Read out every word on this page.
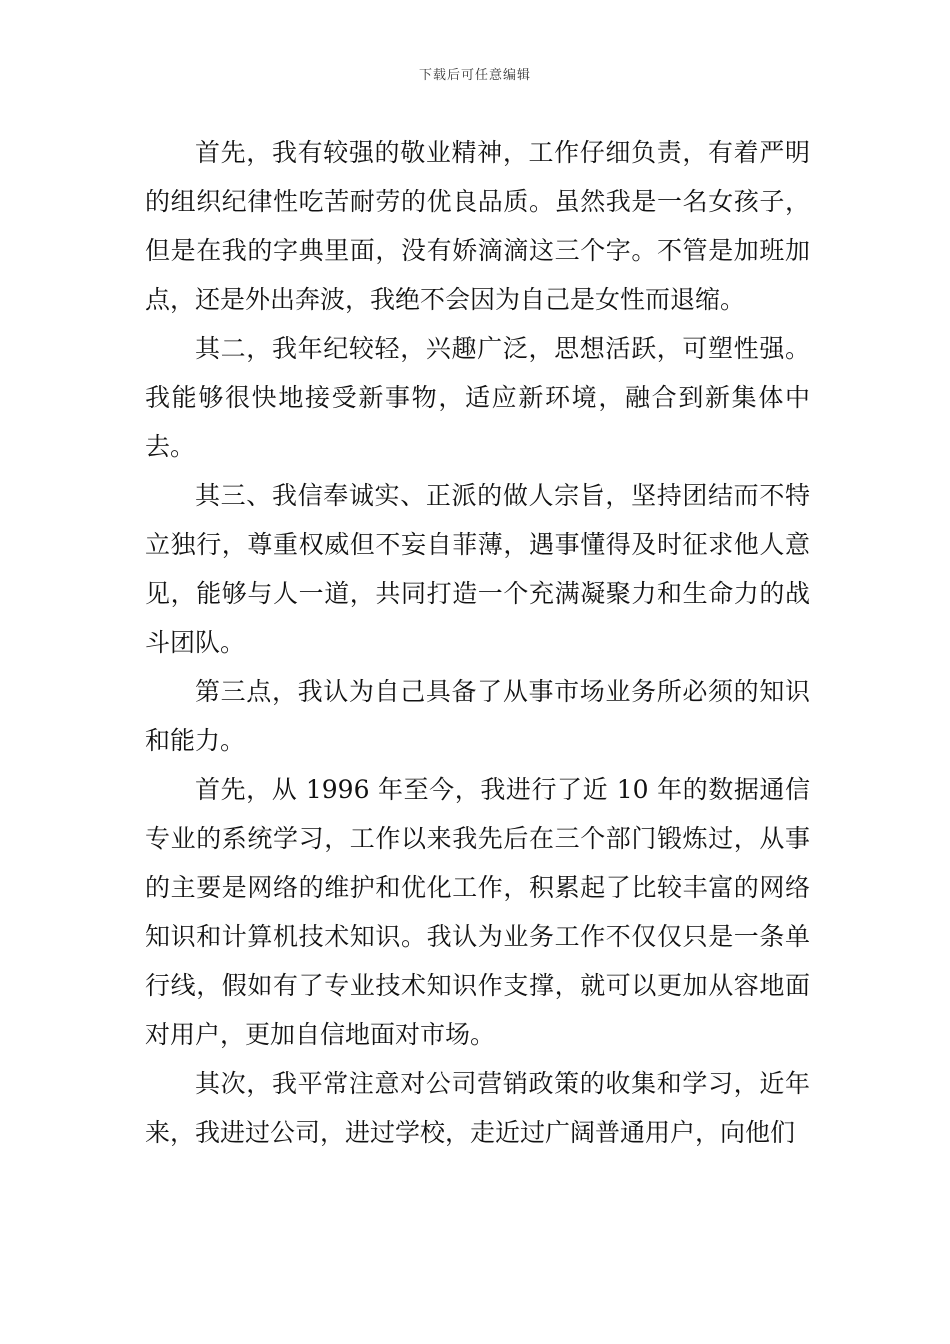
下载后可任意编辑

首先，我有较强的敬业精神，工作仔细负责，有着严明的组织纪律性吃苦耐劳的优良品质。虽然我是一名女孩子，但是在我的字典里面，没有娇滴滴这三个字。不管是加班加点，还是外出奔波，我绝不会因为自己是女性而退缩。

其二，我年纪较轻，兴趣广泛，思想活跃，可塑性强。我能够很快地接受新事物，适应新环境，融合到新集体中去。

其三、我信奉诚实、正派的做人宗旨，坚持团结而不特立独行，尊重权威但不妄自菲薄，遇事懂得及时征求他人意见，能够与人一道，共同打造一个充满凝聚力和生命力的战斗团队。

第三点，我认为自己具备了从事市场业务所必须的知识和能力。

首先，从 1996 年至今，我进行了近 10 年的数据通信专业的系统学习，工作以来我先后在三个部门锻炼过，从事的主要是网络的维护和优化工作，积累起了比较丰富的网络知识和计算机技术知识。我认为业务工作不仅仅只是一条单行线，假如有了专业技术知识作支撑，就可以更加从容地面对用户，更加自信地面对市场。

其次，我平常注意对公司营销政策的收集和学习，近年来，我进过公司，进过学校，走近过广阔普通用户，向他们
